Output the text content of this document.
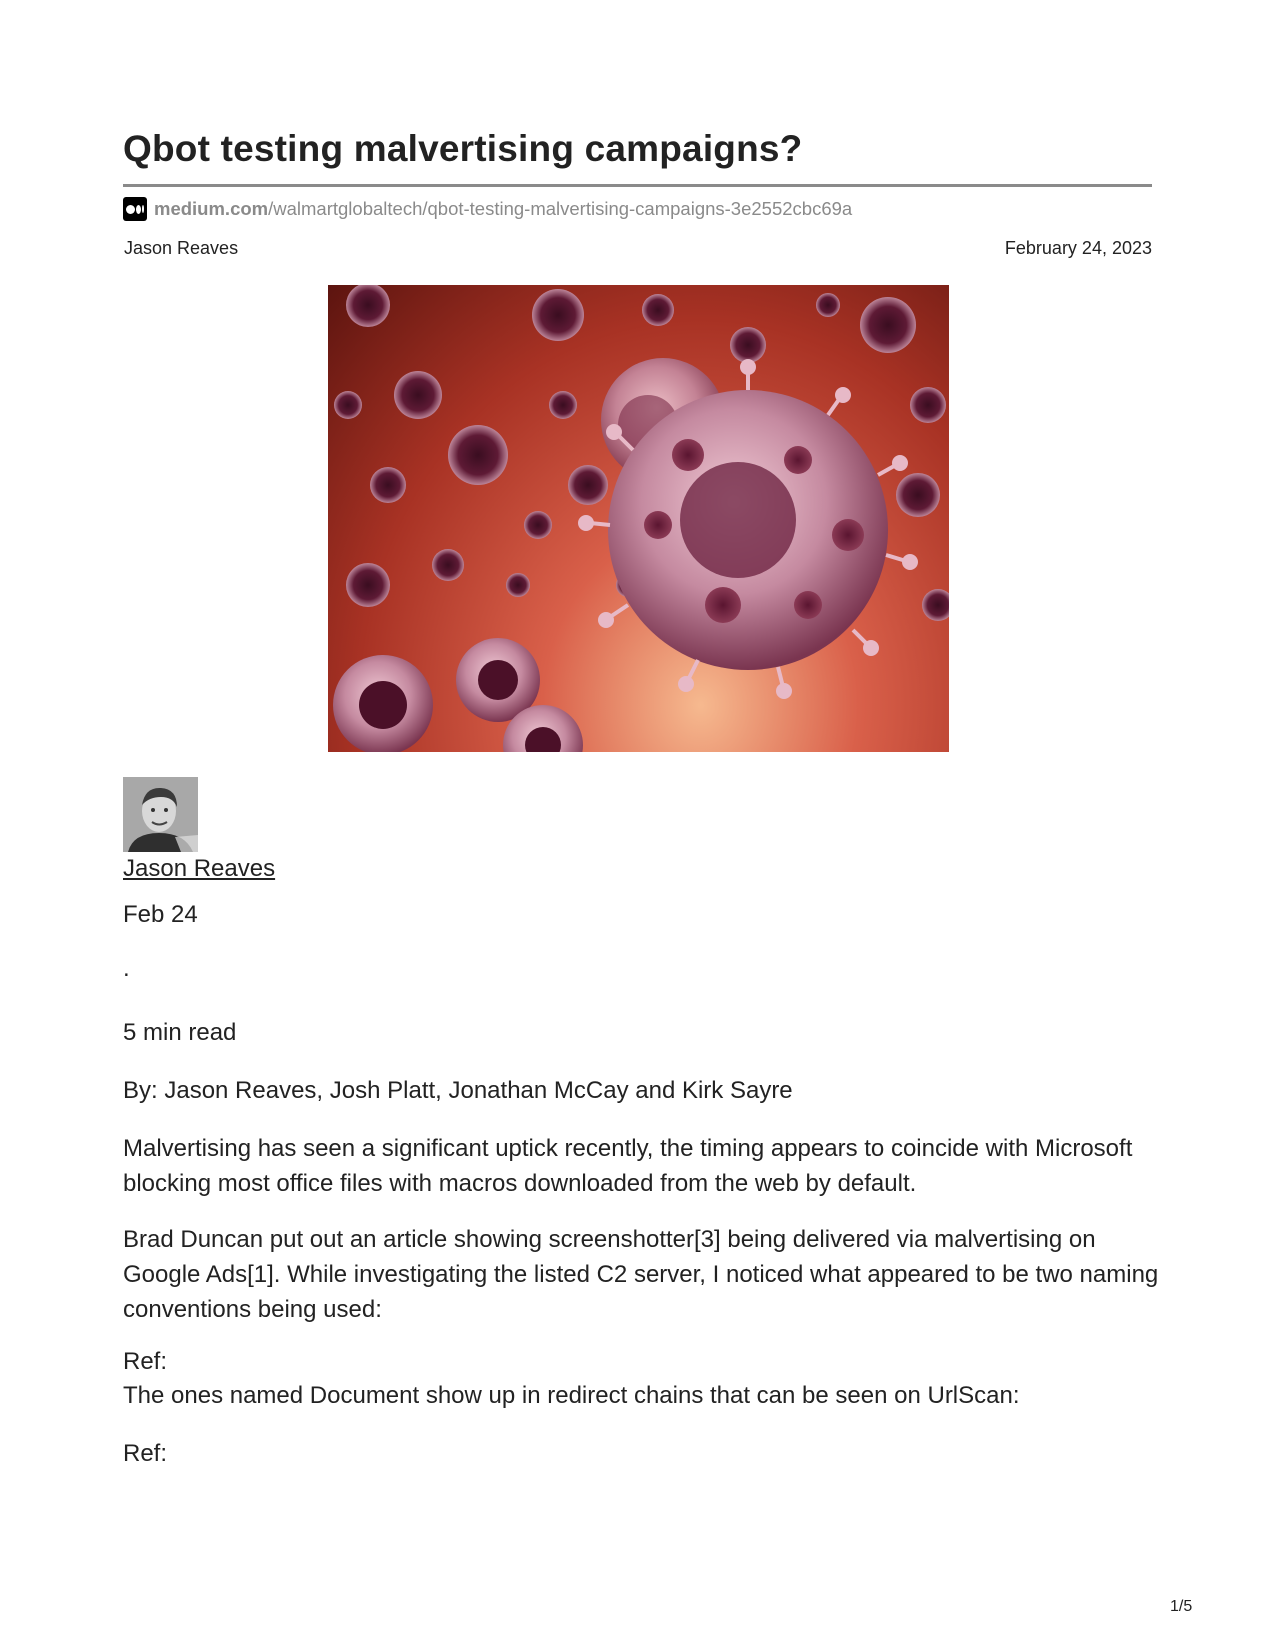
Qbot testing malvertising campaigns?
medium.com /walmartglobaltech/qbot-testing-malvertising-campaigns-3e2552cbc69a
Jason Reaves	February 24, 2023
Jason Reaves
Feb 24
.
5 min read
By: Jason Reaves, Josh Platt, Jonathan McCay and Kirk Sayre

Malvertising has seen a significant uptick recently, the timing appears to coincide with Microsoft blocking most office files with macros downloaded from the web by default.

Brad Duncan put out an article showing screenshotter[3] being delivered via malvertising on Google Ads[1]. While investigating the listed C2 server, I noticed what appeared to be two naming conventions being used:

Ref:
The ones named Document show up in redirect chains that can be seen on UrlScan:
Ref:
1/5
